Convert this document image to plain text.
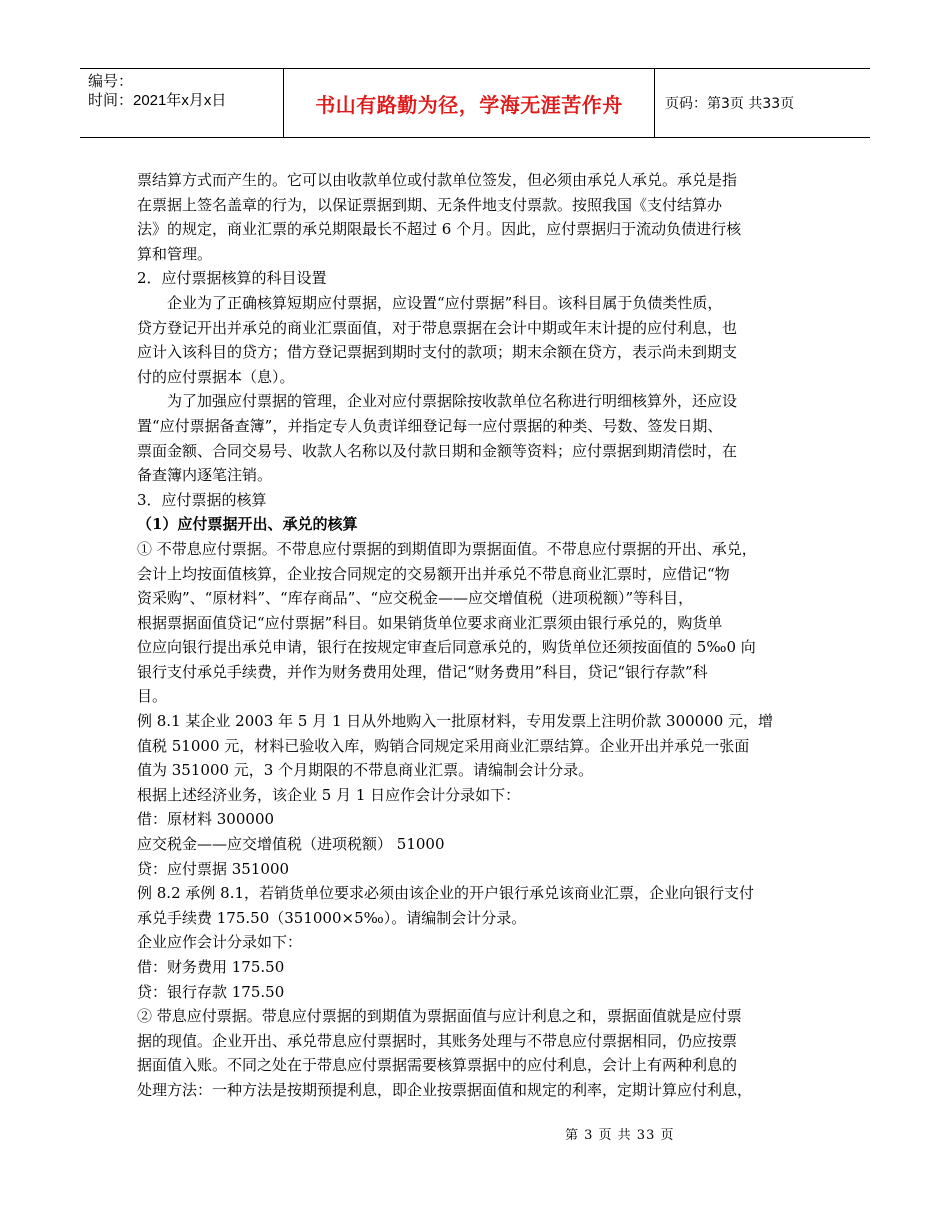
编号：
时间：2021年x月x日	书山有路勤为径，学海无涯苦作舟	页码：第3页 共33页
票结算方式而产生的。它可以由收款单位或付款单位签发，但必须由承兑人承兑。承兑是指
在票据上签名盖章的行为，以保证票据到期、无条件地支付票款。按照我国《支付结算办
法》的规定，商业汇票的承兑期限最长不超过 6 个月。因此，应付票据归于流动负债进行核
算和管理。
2．应付票据核算的科目设置
　　企业为了正确核算短期应付票据，应设置“应付票据”科目。该科目属于负债类性质，
贷方登记开出并承兑的商业汇票面值，对于带息票据在会计中期或年末计提的应付利息，也
应计入该科目的贷方；借方登记票据到期时支付的款项；期末余额在贷方，表示尚未到期支
付的应付票据本（息）。
　　为了加强应付票据的管理，企业对应付票据除按收款单位名称进行明细核算外，还应设
置“应付票据备查簿”，并指定专人负责详细登记每一应付票据的种类、号数、签发日期、
票面金额、合同交易号、收款人名称以及付款日期和金额等资料；应付票据到期清偿时，在
备查簿内逐笔注销。
3．应付票据的核算
（1）应付票据开出、承兑的核算
① 不带息应付票据。不带息应付票据的到期值即为票据面值。不带息应付票据的开出、承兑，
会计上均按面值核算，企业按合同规定的交易额开出并承兑不带息商业汇票时，应借记“物
资采购”、“原材料”、“库存商品”、“应交税金——应交增值税（进项税额）”等科目，
根据票据面值贷记“应付票据”科目。如果销货单位要求商业汇票须由银行承兑的，购货单
位应向银行提出承兑申请，银行在按规定审查后同意承兑的，购货单位还须按面值的 5‰0 向
银行支付承兑手续费，并作为财务费用处理，借记“财务费用”科目，贷记“银行存款”科
目。
例 8.1 某企业 2003 年 5 月 1 日从外地购入一批原材料，专用发票上注明价款 300000 元，增
值税 51000 元，材料已验收入库，购销合同规定采用商业汇票结算。企业开出并承兑一张面
值为 351000 元，3 个月期限的不带息商业汇票。请编制会计分录。
根据上述经济业务，该企业 5 月 1 日应作会计分录如下：
借：原材料 300000
应交税金——应交增值税（进项税额） 51000
贷：应付票据 351000
例 8.2 承例 8.1，若销货单位要求必须由该企业的开户银行承兑该商业汇票，企业向银行支付
承兑手续费 175.50（351000×5‰）。请编制会计分录。
企业应作会计分录如下：
借：财务费用 175.50
贷：银行存款 175.50
② 带息应付票据。带息应付票据的到期值为票据面值与应计利息之和，票据面值就是应付票
据的现值。企业开出、承兑带息应付票据时，其账务处理与不带息应付票据相同，仍应按票
据面值入账。不同之处在于带息应付票据需要核算票据中的应付利息，会计上有两种利息的
处理方法：一种方法是按期预提利息，即企业按票据面值和规定的利率，定期计算应付利息，
第 3 页 共 33 页
